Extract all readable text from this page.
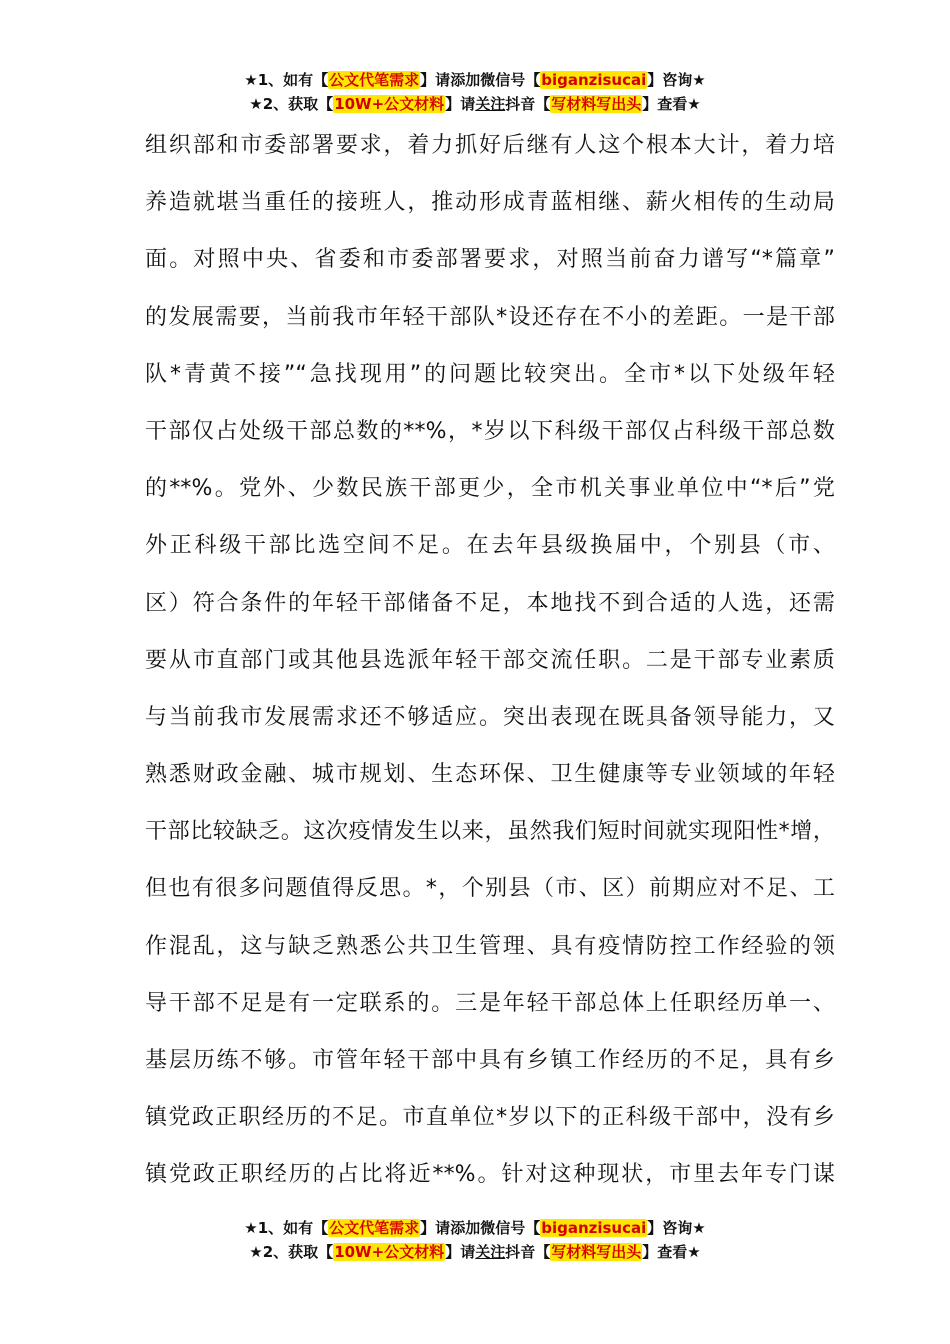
★1、如有【公文代笔需求】请添加微信号【biganzisucai】咨询★
★2、获取【10W+公文材料】请关注抖音【写材料写出头】查看★
组织部和市委部署要求，着力抓好后继有人这个根本大计，着力培
养造就堪当重任的接班人，推动形成青蓝相继、薪火相传的生动局
面。对照中央、省委和市委部署要求，对照当前奋力谱写“*篇章”
的发展需要，当前我市年轻干部队*设还存在不小的差距。一是干部
队*青黄不接”“急找现用”的问题比较突出。全市*以下处级年轻
干部仅占处级干部总数的**%，*岁以下科级干部仅占科级干部总数
的**%。党外、少数民族干部更少，全市机关事业单位中“*后”党
外正科级干部比选空间不足。在去年县级换届中，个别县（市、
区）符合条件的年轻干部储备不足，本地找不到合适的人选，还需
要从市直部门或其他县选派年轻干部交流任职。二是干部专业素质
与当前我市发展需求还不够适应。突出表现在既具备领导能力，又
熟悉财政金融、城市规划、生态环保、卫生健康等专业领域的年轻
干部比较缺乏。这次疫情发生以来，虽然我们短时间就实现阳性*增，
但也有很多问题值得反思。*，个别县（市、区）前期应对不足、工
作混乱，这与缺乏熟悉公共卫生管理、具有疫情防控工作经验的领
导干部不足是有一定联系的。三是年轻干部总体上任职经历单一、
基层历练不够。市管年轻干部中具有乡镇工作经历的不足，具有乡
镇党政正职经历的不足。市直单位*岁以下的正科级干部中，没有乡
镇党政正职经历的占比将近**%。针对这种现状，市里去年专门谋
★1、如有【公文代笔需求】请添加微信号【biganzisucai】咨询★
★2、获取【10W+公文材料】请关注抖音【写材料写出头】查看★
